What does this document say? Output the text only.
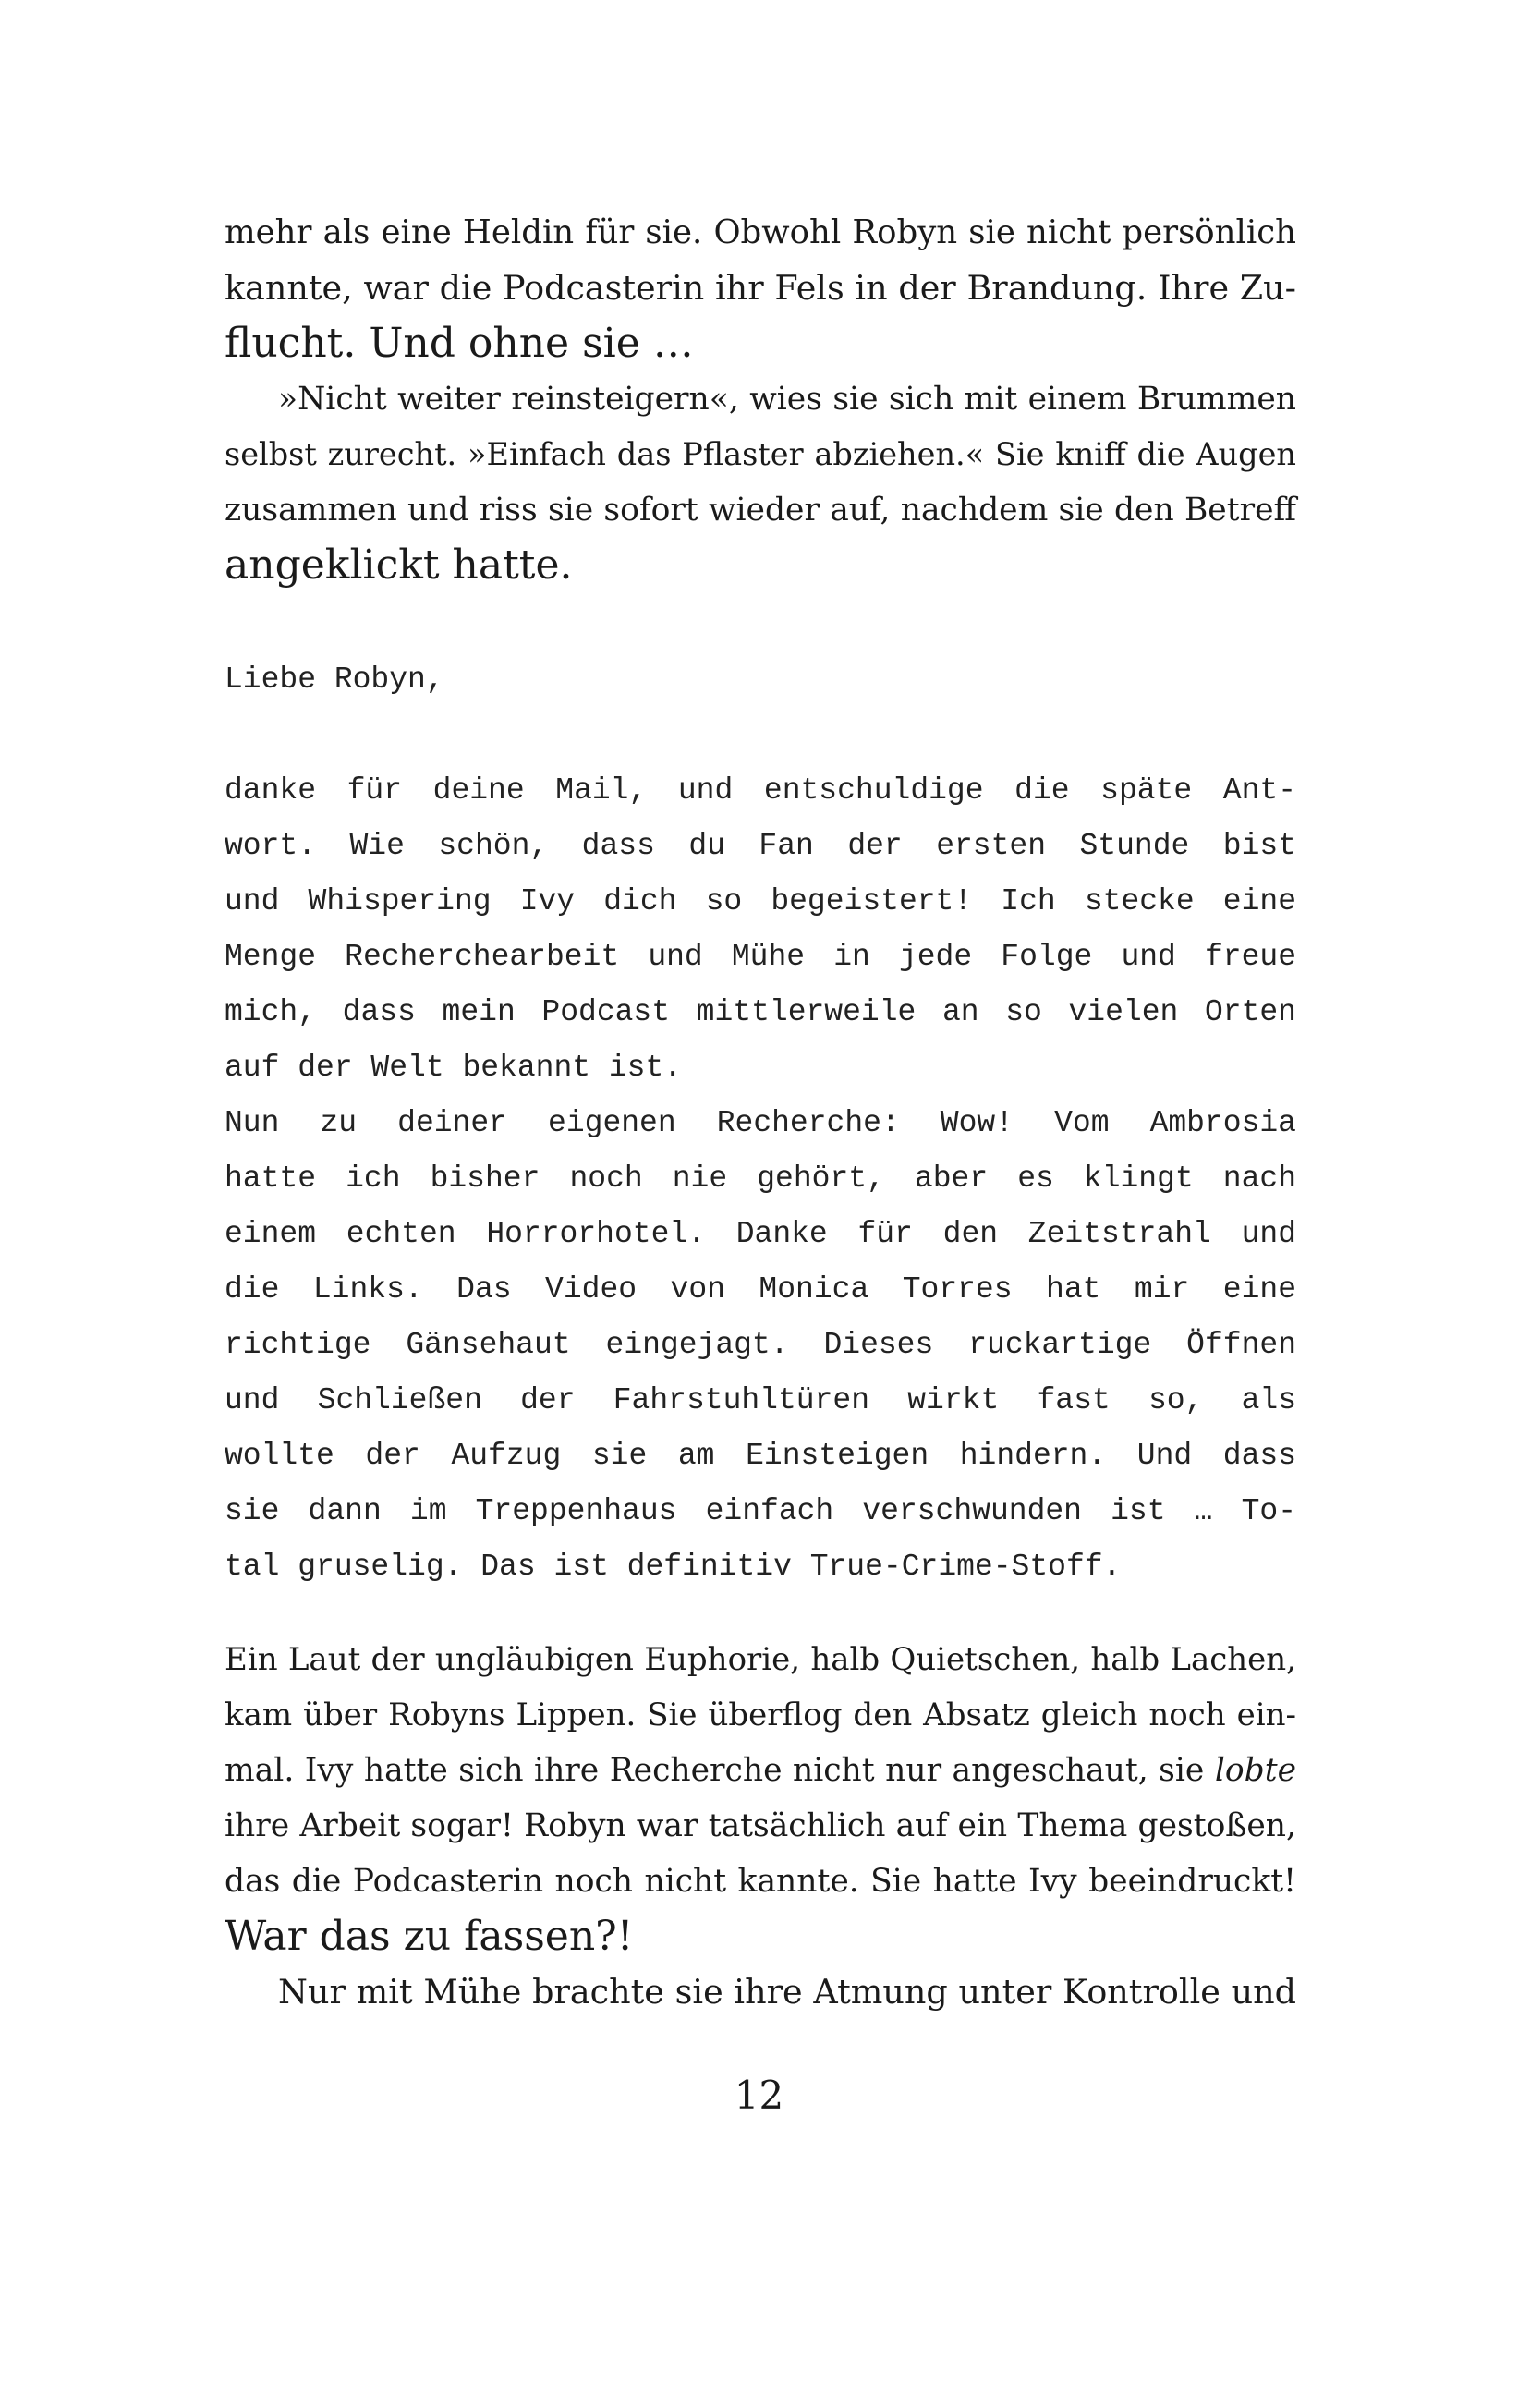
mehr als eine Heldin für sie. Obwohl Robyn sie nicht persönlich
kannte, war die Podcasterin ihr Fels in der Brandung. Ihre Zu-
flucht. Und ohne sie …
»Nicht weiter reinsteigern«, wies sie sich mit einem Brummen
selbst zurecht. »Einfach das Pflaster abziehen.« Sie kniff die Augen
zusammen und riss sie sofort wieder auf, nachdem sie den Betreff
angeklickt hatte.
Liebe Robyn,
danke für deine Mail, und entschuldige die späte Ant-
wort. Wie schön, dass du Fan der ersten Stunde bist
und Whispering Ivy dich so begeistert! Ich stecke eine
Menge Recherchearbeit und Mühe in jede Folge und freue
mich, dass mein Podcast mittlerweile an so vielen Orten
auf der Welt bekannt ist.
Nun zu deiner eigenen Recherche: Wow! Vom Ambrosia
hatte ich bisher noch nie gehört, aber es klingt nach
einem echten Horrorhotel. Danke für den Zeitstrahl und
die Links. Das Video von Monica Torres hat mir eine
richtige Gänsehaut eingejagt. Dieses ruckartige Öffnen
und Schließen der Fahrstuhltüren wirkt fast so, als
wollte der Aufzug sie am Einsteigen hindern. Und dass
sie dann im Treppenhaus einfach verschwunden ist … To-
tal gruselig. Das ist definitiv True-Crime-Stoff.
Ein Laut der ungläubigen Euphorie, halb Quietschen, halb Lachen,
kam über Robyns Lippen. Sie überflog den Absatz gleich noch ein-
mal. Ivy hatte sich ihre Recherche nicht nur angeschaut, sie lobte
ihre Arbeit sogar! Robyn war tatsächlich auf ein Thema gestoßen,
das die Podcasterin noch nicht kannte. Sie hatte Ivy beeindruckt!
War das zu fassen?!
Nur mit Mühe brachte sie ihre Atmung unter Kontrolle und
12
